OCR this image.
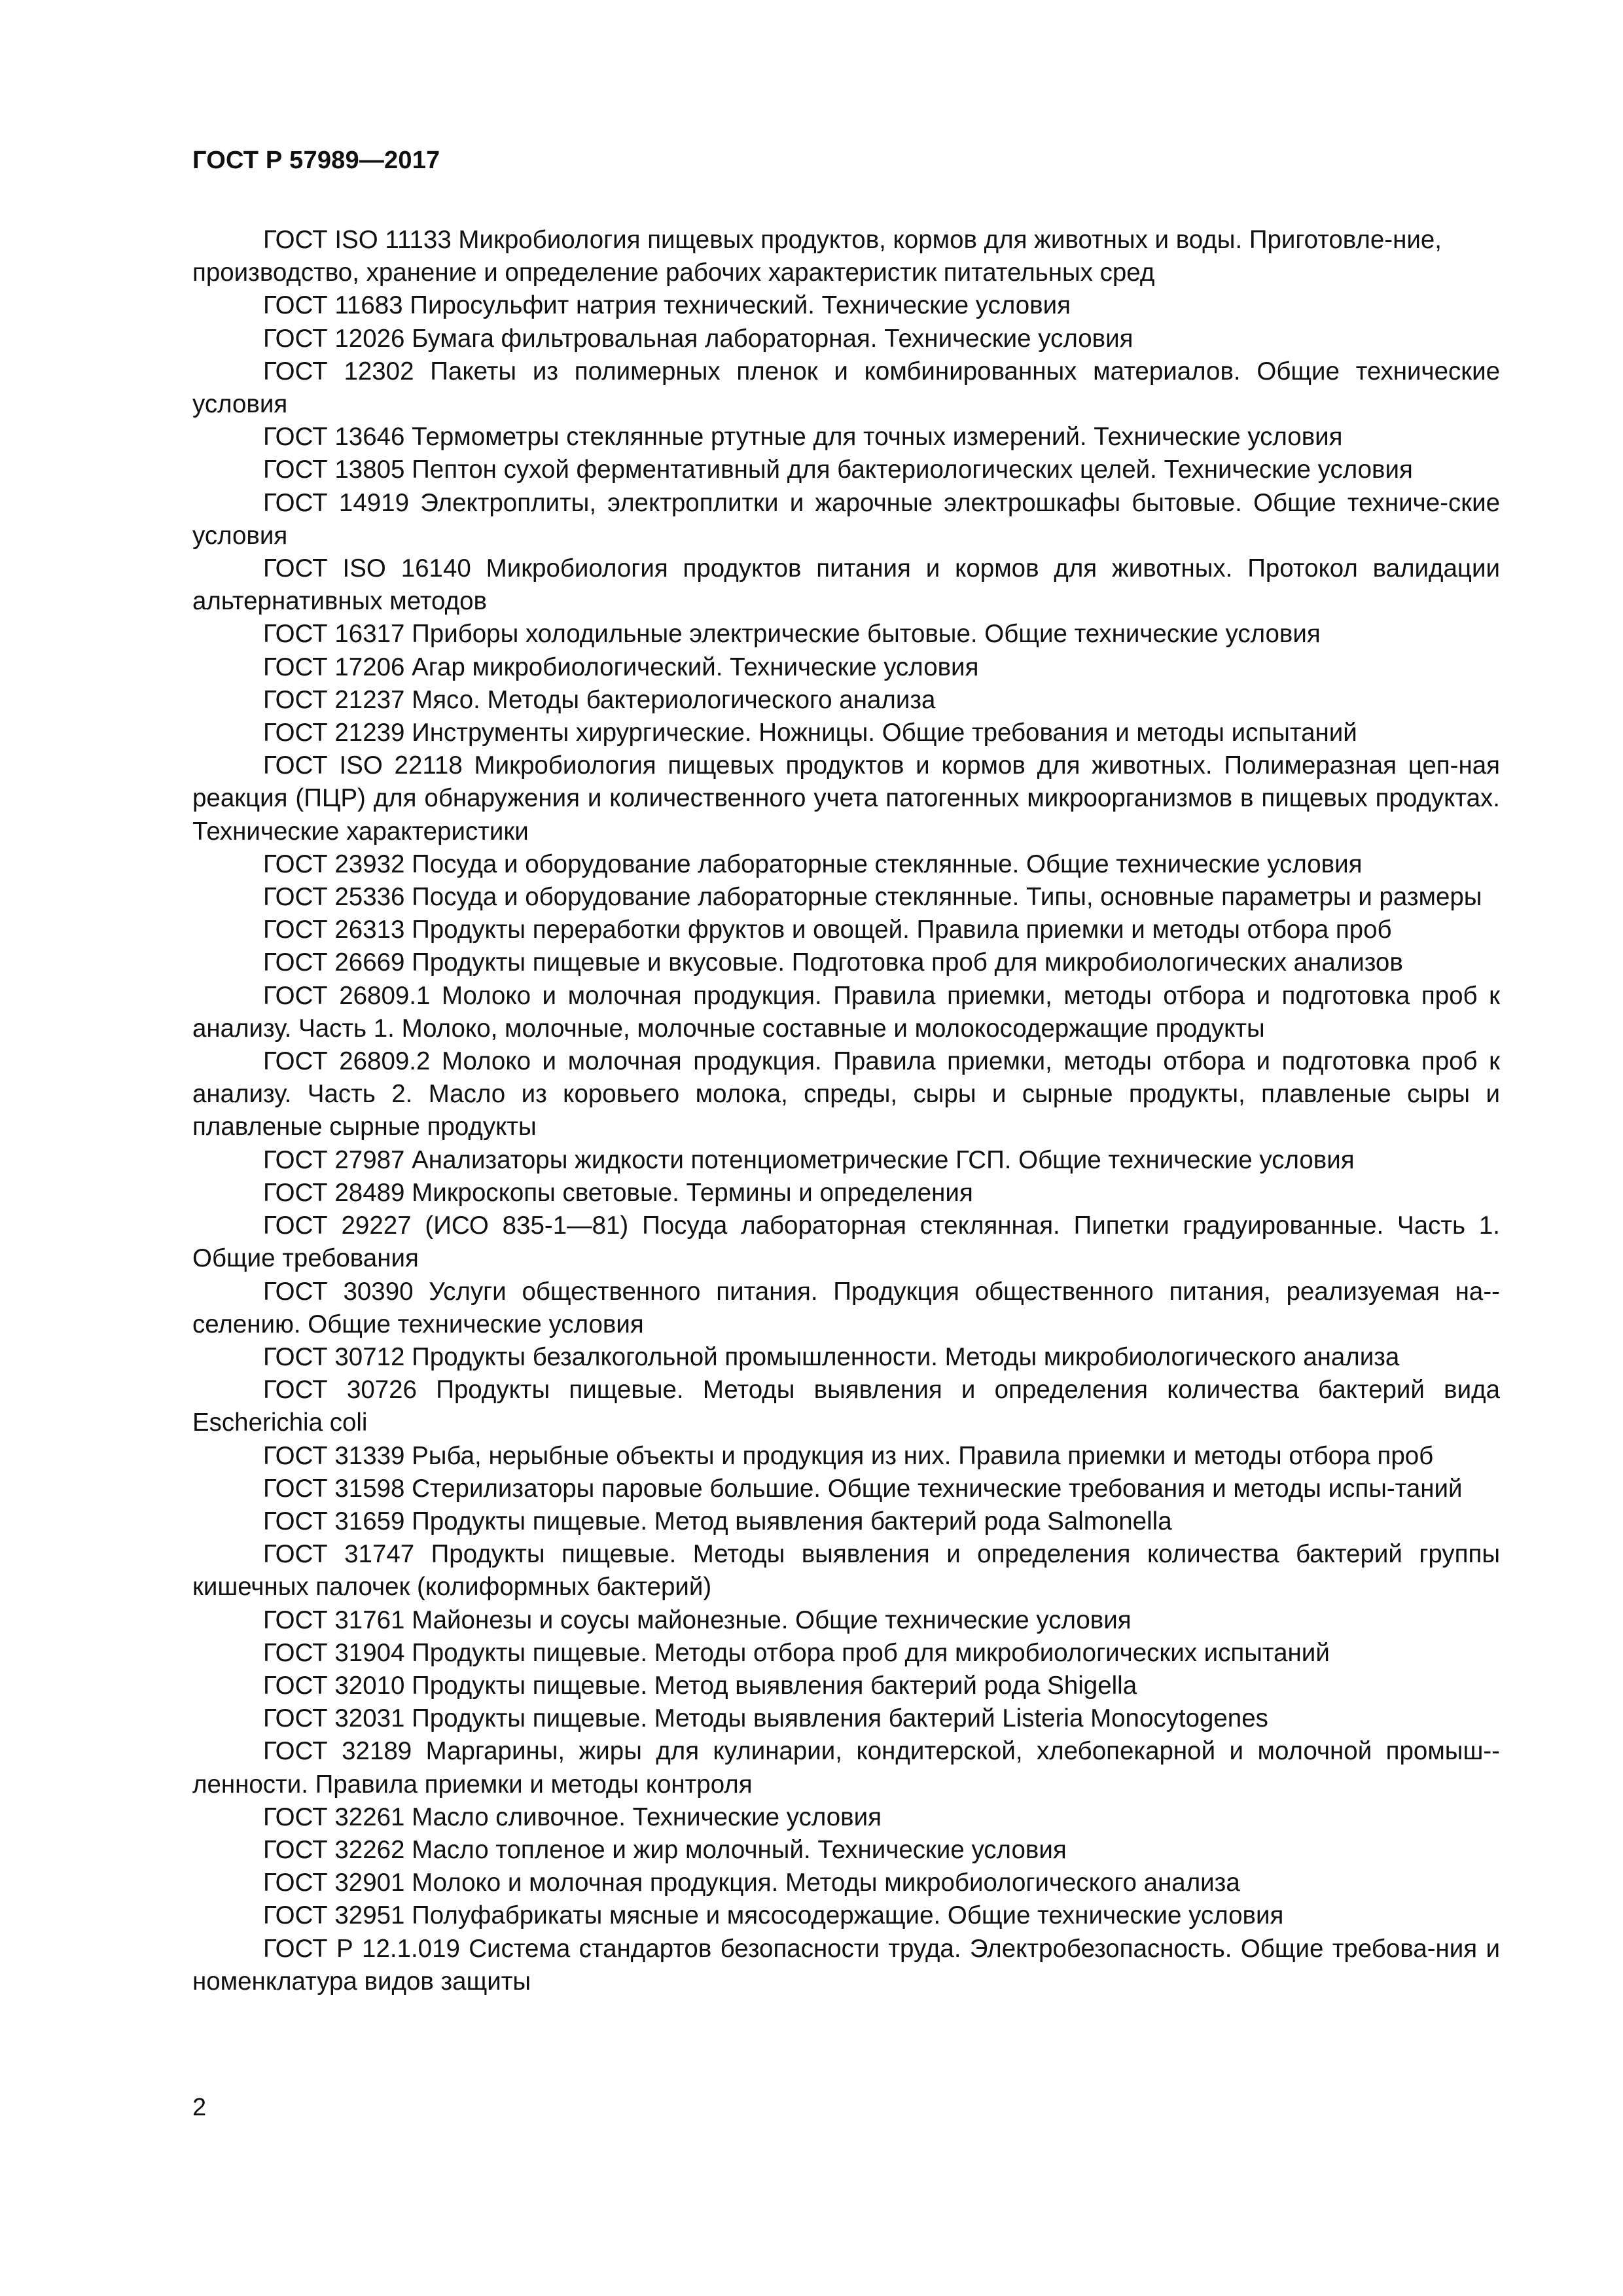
ГОСТ Р 57989—2017

ГОСТ ISO 11133 Микробиология пищевых продуктов, кормов для животных и воды. Приготовле-ние, производство, хранение и определение рабочих характеристик питательных сред

ГОСТ 11683 Пиросульфит натрия технический. Технические условия

ГОСТ 12026 Бумага фильтровальная лабораторная. Технические условия

ГОСТ 12302 Пакеты из полимерных пленок и комбинированных материалов. Общие технические условия

ГОСТ 13646 Термометры стеклянные ртутные для точных измерений. Технические условия

ГОСТ 13805 Пептон сухой ферментативный для бактериологических целей. Технические условия

ГОСТ 14919 Электроплиты, электроплитки и жарочные электрошкафы бытовые. Общие техниче-ские условия

ГОСТ ISO 16140 Микробиология продуктов питания и кормов для животных. Протокол валидации альтернативных методов

ГОСТ 16317 Приборы холодильные электрические бытовые. Общие технические условия

ГОСТ 17206 Агар микробиологический. Технические условия

ГОСТ 21237 Мясо. Методы бактериологического анализа

ГОСТ 21239 Инструменты хирургические. Ножницы. Общие требования и методы испытаний

ГОСТ ISO 22118 Микробиология пищевых продуктов и кормов для животных. Полимеразная цеп-ная реакция (ПЦР) для обнаружения и количественного учета патогенных микроорганизмов в пищевых продуктах. Технические характеристики

ГОСТ 23932 Посуда и оборудование лабораторные стеклянные. Общие технические условия

ГОСТ 25336 Посуда и оборудование лабораторные стеклянные. Типы, основные параметры и размеры

ГОСТ 26313 Продукты переработки фруктов и овощей. Правила приемки и методы отбора проб

ГОСТ 26669 Продукты пищевые и вкусовые. Подготовка проб для микробиологических анализов

ГОСТ 26809.1 Молоко и молочная продукция. Правила приемки, методы отбора и подготовка проб к анализу. Часть 1. Молоко, молочные, молочные составные и молокосодержащие продукты

ГОСТ 26809.2 Молоко и молочная продукция. Правила приемки, методы отбора и подготовка проб к анализу. Часть 2. Масло из коровьего молока, спреды, сыры и сырные продукты, плавленые сыры и плавленые сырные продукты

ГОСТ 27987 Анализаторы жидкости потенциометрические ГСП. Общие технические условия

ГОСТ 28489 Микроскопы световые. Термины и определения

ГОСТ 29227 (ИСО 835-1—81) Посуда лабораторная стеклянная. Пипетки градуированные. Часть 1. Общие требования

ГОСТ 30390 Услуги общественного питания. Продукция общественного питания, реализуемая на-селению. Общие технические условия

ГОСТ 30712 Продукты безалкогольной промышленности. Методы микробиологического анализа

ГОСТ 30726 Продукты пищевые. Методы выявления и определения количества бактерий вида Escherichia coli

ГОСТ 31339 Рыба, нерыбные объекты и продукция из них. Правила приемки и методы отбора проб

ГОСТ 31598 Стерилизаторы паровые большие. Общие технические требования и методы испы-таний

ГОСТ 31659 Продукты пищевые. Метод выявления бактерий рода Salmonella

ГОСТ 31747 Продукты пищевые. Методы выявления и определения количества бактерий группы кишечных палочек (колиформных бактерий)

ГОСТ 31761 Майонезы и соусы майонезные. Общие технические условия

ГОСТ 31904 Продукты пищевые. Методы отбора проб для микробиологических испытаний

ГОСТ 32010 Продукты пищевые. Метод выявления бактерий рода Shigella

ГОСТ 32031 Продукты пищевые. Методы выявления бактерий Listeria Monocytogenes

ГОСТ 32189 Маргарины, жиры для кулинарии, кондитерской, хлебопекарной и молочной промыш-ленности. Правила приемки и методы контроля

ГОСТ 32261 Масло сливочное. Технические условия

ГОСТ 32262 Масло топленое и жир молочный. Технические условия

ГОСТ 32901 Молоко и молочная продукция. Методы микробиологического анализа

ГОСТ 32951 Полуфабрикаты мясные и мясосодержащие. Общие технические условия

ГОСТ Р 12.1.019 Система стандартов безопасности труда. Электробезопасность. Общие требова-ния и номенклатура видов защиты

2
